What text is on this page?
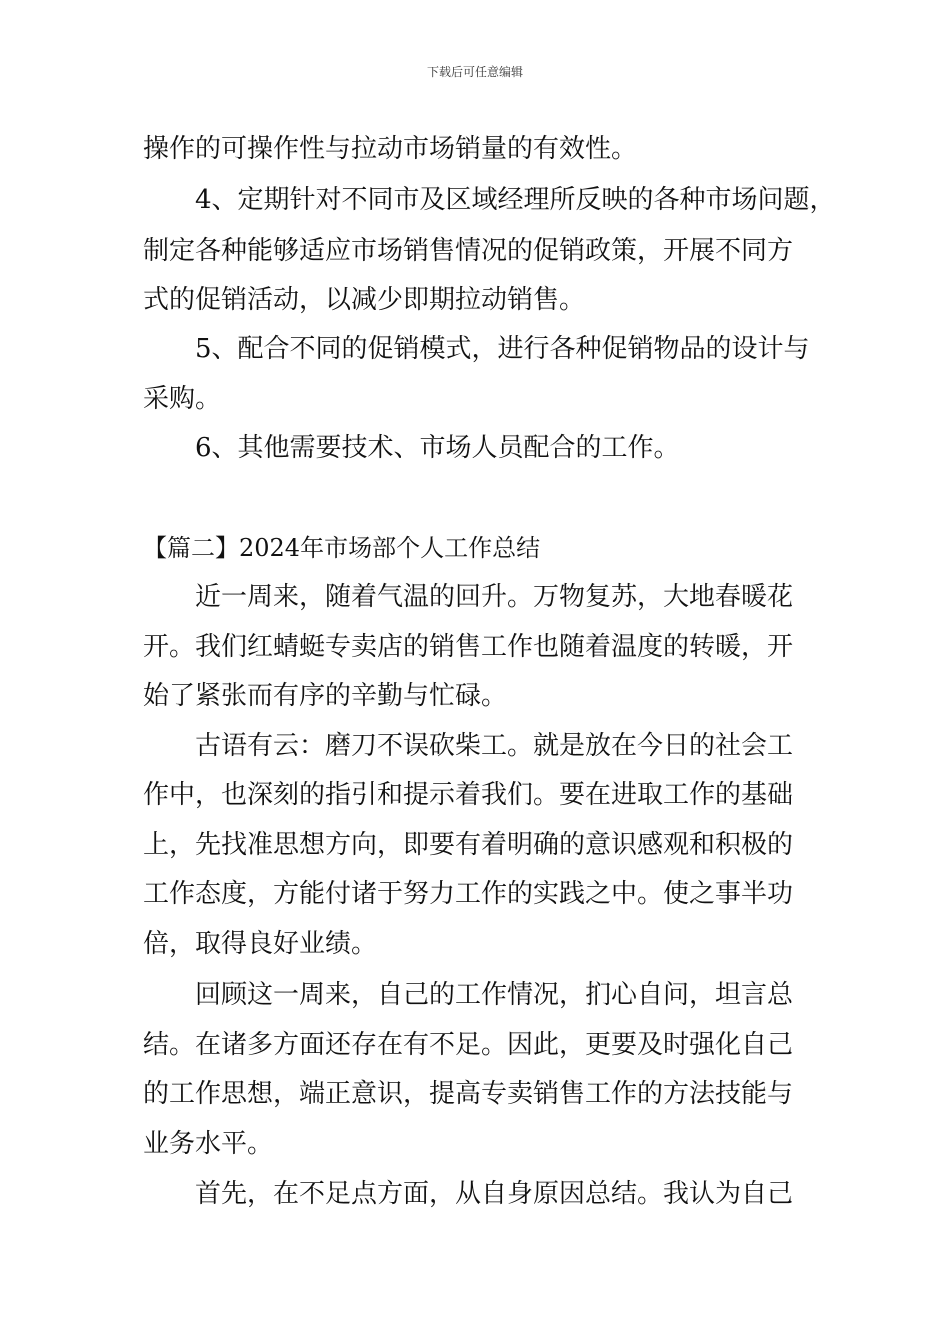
下载后可任意编辑
操作的可操作性与拉动市场销量的有效性。
4、定期针对不同市及区域经理所反映的各种市场问题，
制定各种能够适应市场销售情况的促销政策，开展不同方
式的促销活动，以减少即期拉动销售。
5、配合不同的促销模式，进行各种促销物品的设计与
采购。
6、其他需要技术、市场人员配合的工作。
【篇二】2024年市场部个人工作总结
近一周来，随着气温的回升。万物复苏，大地春暖花
开。我们红蜻蜓专卖店的销售工作也随着温度的转暖，开
始了紧张而有序的辛勤与忙碌。
古语有云：磨刀不误砍柴工。就是放在今日的社会工
作中，也深刻的指引和提示着我们。要在进取工作的基础
上，先找准思想方向，即要有着明确的意识感观和积极的
工作态度，方能付诸于努力工作的实践之中。使之事半功
倍，取得良好业绩。
回顾这一周来，自己的工作情况，扪心自问，坦言总
结。在诸多方面还存在有不足。因此，更要及时强化自己
的工作思想，端正意识，提高专卖销售工作的方法技能与
业务水平。
首先，在不足点方面，从自身原因总结。我认为自己
